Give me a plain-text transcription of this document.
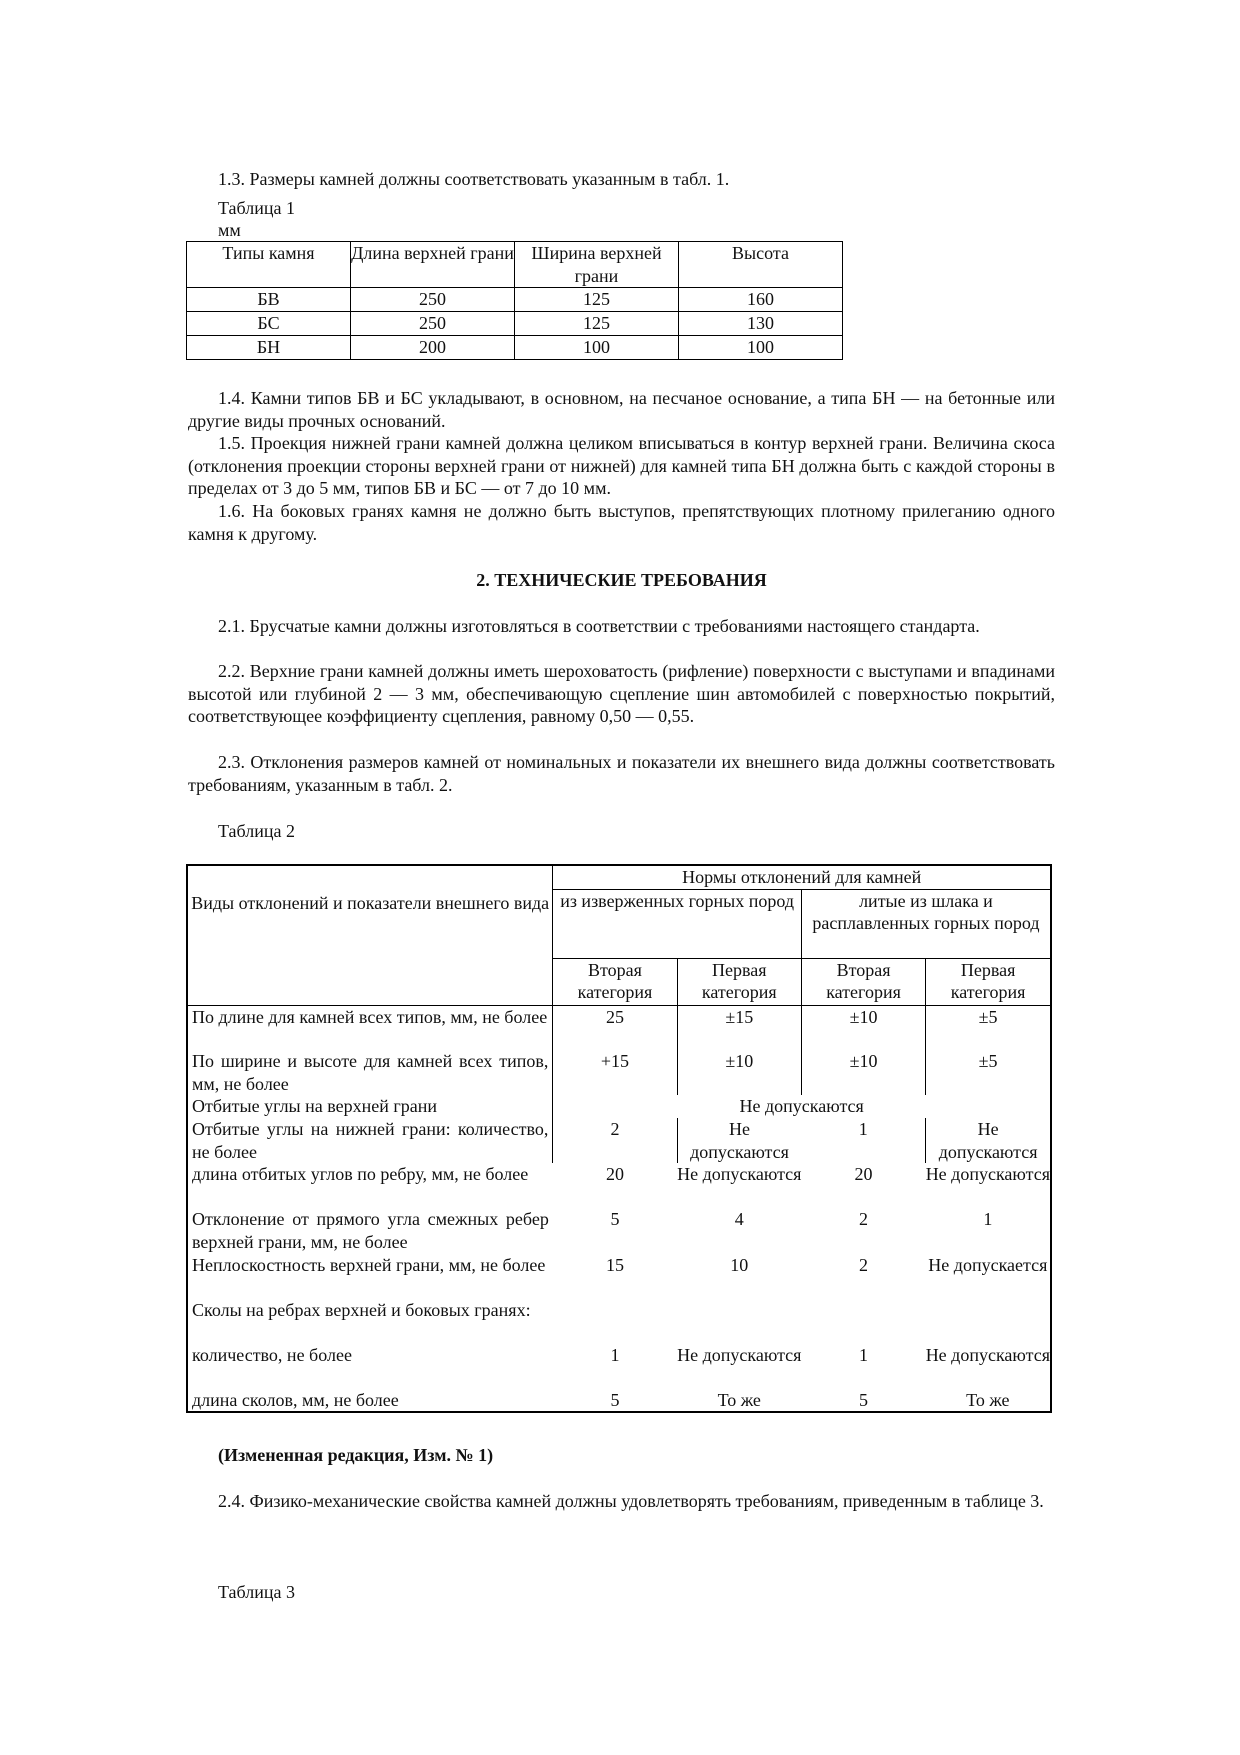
1.3. Размеры камней должны соответствовать указанным в табл. 1.

Таблица 1
мм
Типы камня	Длина верхней грани	Ширина верхней грани	Высота
БВ	250	125	160
БС	250	125	130
БН	200	100	100

1.4. Камни типов БВ и БС укладывают, в основном, на песчаное основание, а типа БН — на бетонные или другие виды прочных оснований.

1.5. Проекция нижней грани камней должна целиком вписываться в контур верхней грани. Величина скоса (отклонения проекции стороны верхней грани от нижней) для камней типа БН должна быть с каждой стороны в пределах от 3 до 5 мм, типов БВ и БС — от 7 до 10 мм.

1.6. На боковых гранях камня не должно быть выступов, препятствующих плотному прилеганию одного камня к другому.

2. ТЕХНИЧЕСКИЕ ТРЕБОВАНИЯ

2.1. Брусчатые камни должны изготовляться в соответствии с требованиями настоящего стандарта.

2.2. Верхние грани камней должны иметь шероховатость (рифление) поверхности с выступами и впадинами высотой или глубиной 2 — 3 мм, обеспечивающую сцепление шин автомобилей с поверхностью покрытий, соответствующее коэффициенту сцепления, равному 0,50 — 0,55.

2.3. Отклонения размеров камней от номинальных и показатели их внешнего вида должны соответствовать требованиям, указанным в табл. 2.

Таблица 2
Виды отклонений и показатели внешнего вида	Нормы отклонений для камней			
	из изверженных горных пород		литые из шлака и расплавленных горных пород	
	Вторая категория	Первая категория	Вторая категория	Первая категория
По длине для камней всех типов, мм, не более	25	±15	±10	±5
По ширине и высоте для камней всех типов, мм, не более	+15	±10	±10	±5
Отбитые углы на верхней грани	Не допускаются			
Отбитые углы на нижней грани: количество, не более	2	Не допускаются	1	Не допускаются
длина отбитых углов по ребру, мм, не более	20	Не допускаются	20	Не допускаются
Отклонение от прямого угла смежных ребер верхней грани, мм, не более	5	4	2	1
Неплоскостность верхней грани, мм, не более	15	10	2	Не допускается
Сколы на ребрах верхней и боковых гранях:				
количество, не более	1	Не допускаются	1	Не допускаются
длина сколов, мм, не более	5	То же	5	То же
(Измененная редакция, Изм. № 1)

2.4. Физико-механические свойства камней должны удовлетворять требованиям, приведенным в таблице 3.

Таблица 3
